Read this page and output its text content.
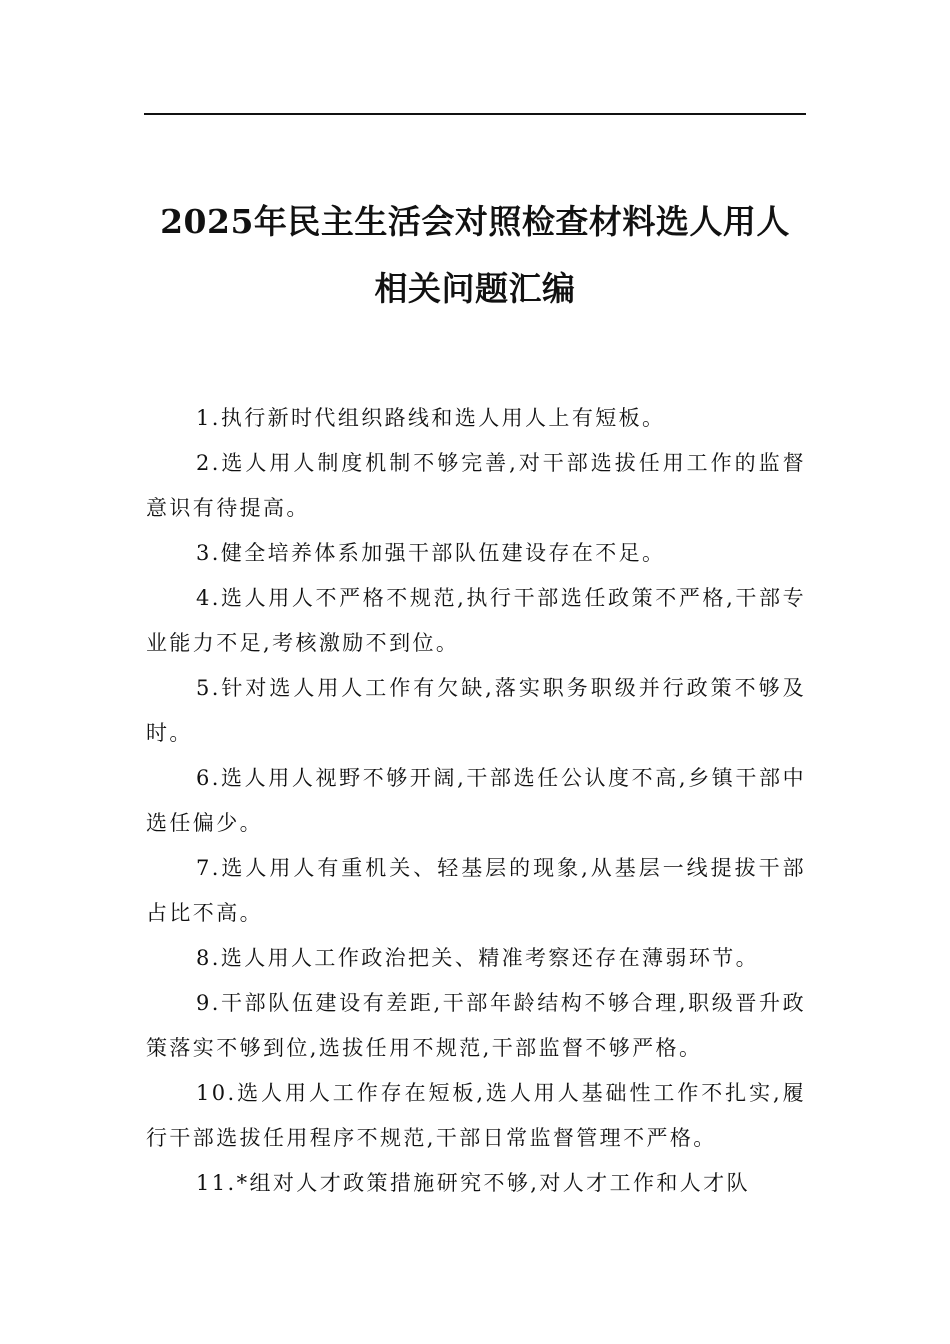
2025年民主生活会对照检查材料选人用人
相关问题汇编

1.执行新时代组织路线和选人用人上有短板。

2.选人用人制度机制不够完善,对干部选拔任用工作的监督意识有待提高。

3.健全培养体系加强干部队伍建设存在不足。

4.选人用人不严格不规范,执行干部选任政策不严格,干部专业能力不足,考核激励不到位。

5.针对选人用人工作有欠缺,落实职务职级并行政策不够及时。

6.选人用人视野不够开阔,干部选任公认度不高,乡镇干部中选任偏少。

7.选人用人有重机关、轻基层的现象,从基层一线提拔干部占比不高。

8.选人用人工作政治把关、精准考察还存在薄弱环节。

9.干部队伍建设有差距,干部年龄结构不够合理,职级晋升政策落实不够到位,选拔任用不规范,干部监督不够严格。

10.选人用人工作存在短板,选人用人基础性工作不扎实,履行干部选拔任用程序不规范,干部日常监督管理不严格。

11.*组对人才政策措施研究不够,对人才工作和人才队
